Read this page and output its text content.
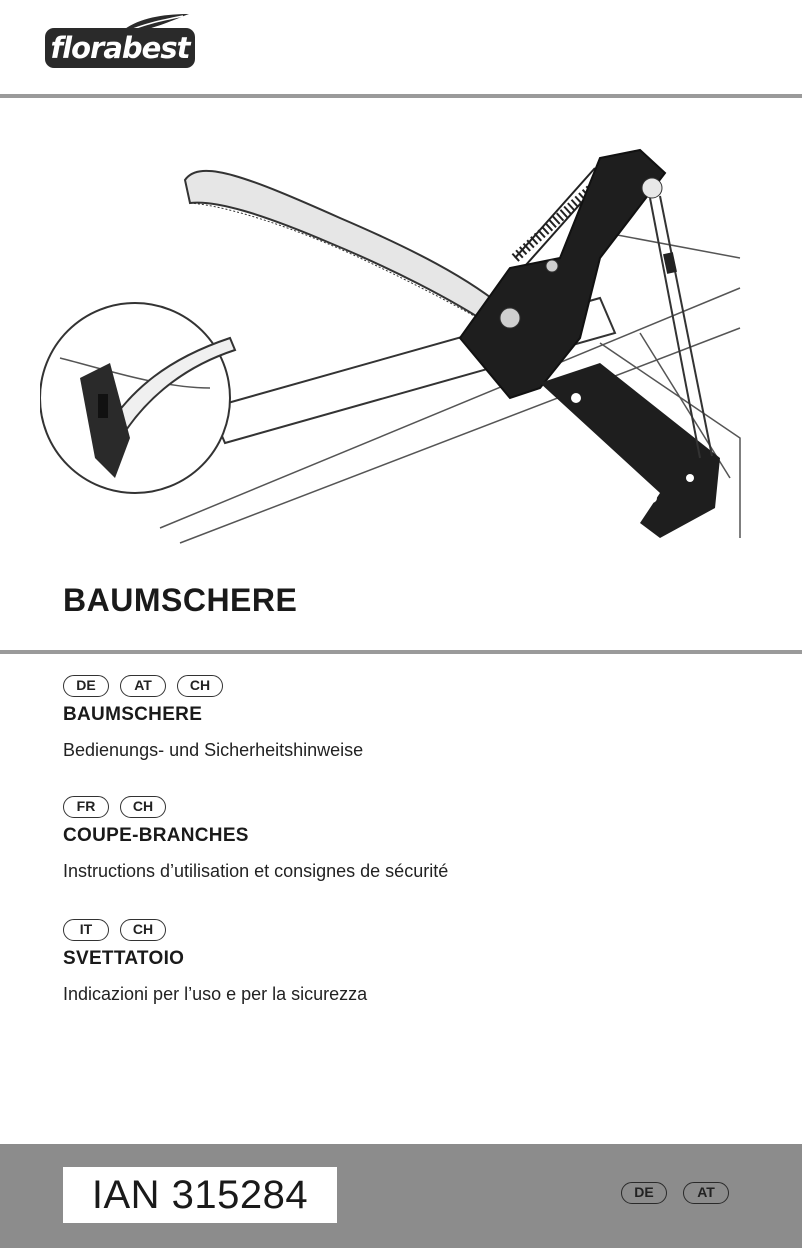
florabest
BAUMSCHERE
DE	AT	CH
BAUMSCHERE

Bedienungs- und Sicherheitshinweise

FR	CH
COUPE-BRANCHES

Instructions d’utilisation et consignes de sécurité

IT	CH
SVETTATOIO

Indicazioni per l’uso e per la sicurezza

IAN 315284	DE	AT
